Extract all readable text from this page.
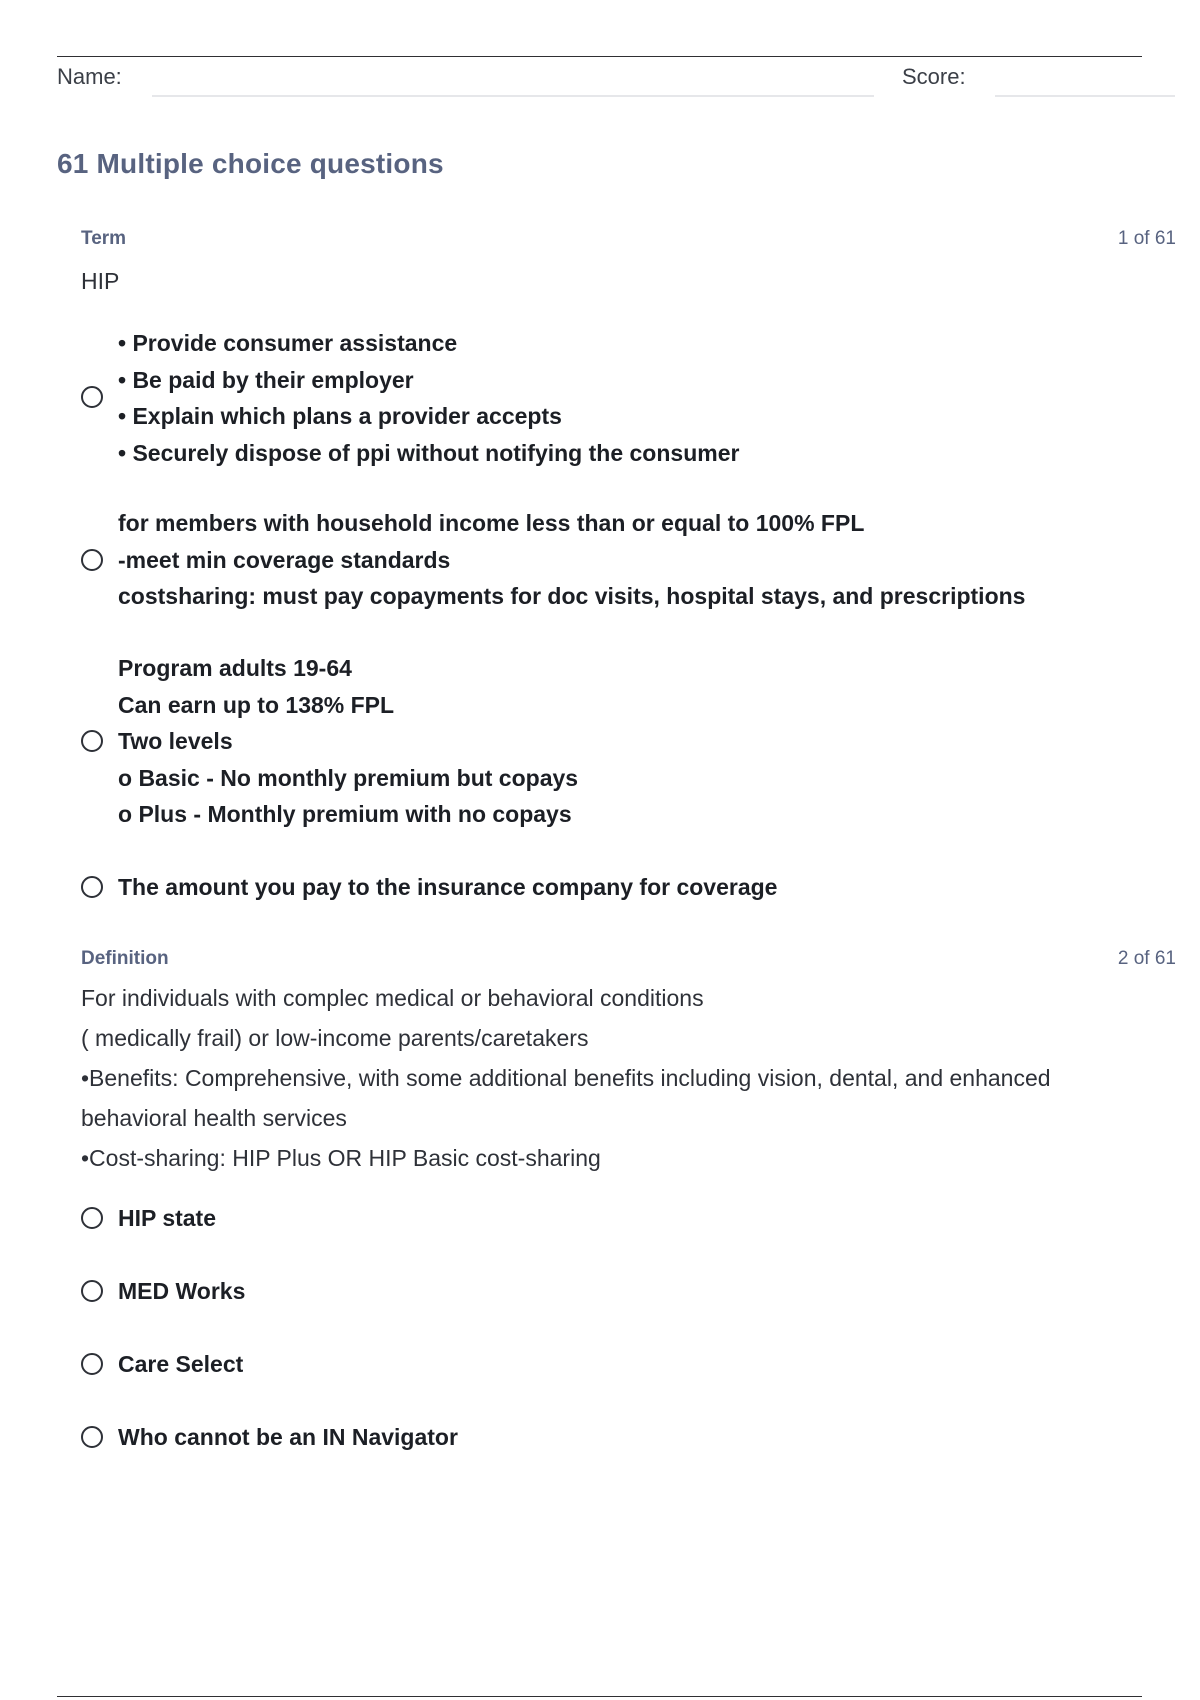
Name:	Score:
61 Multiple choice questions
Term	1 of 61
HIP
• Provide consumer assistance
• Be paid by their employer
• Explain which plans a provider accepts
• Securely dispose of ppi without notifying the consumer
for members with household income less than or equal to 100% FPL
-meet min coverage standards
costsharing: must pay copayments for doc visits, hospital stays, and prescriptions
Program adults 19-64
Can earn up to 138% FPL
Two levels
o Basic - No monthly premium but copays
o Plus - Monthly premium with no copays
The amount you pay to the insurance company for coverage
Definition	2 of 61
For individuals with complec medical or behavioral conditions
( medically frail) or low-income parents/caretakers
•Benefits: Comprehensive, with some additional benefits including vision, dental, and enhanced
behavioral health services
•Cost-sharing: HIP Plus OR HIP Basic cost-sharing
HIP state
MED Works
Care Select
Who cannot be an IN Navigator
